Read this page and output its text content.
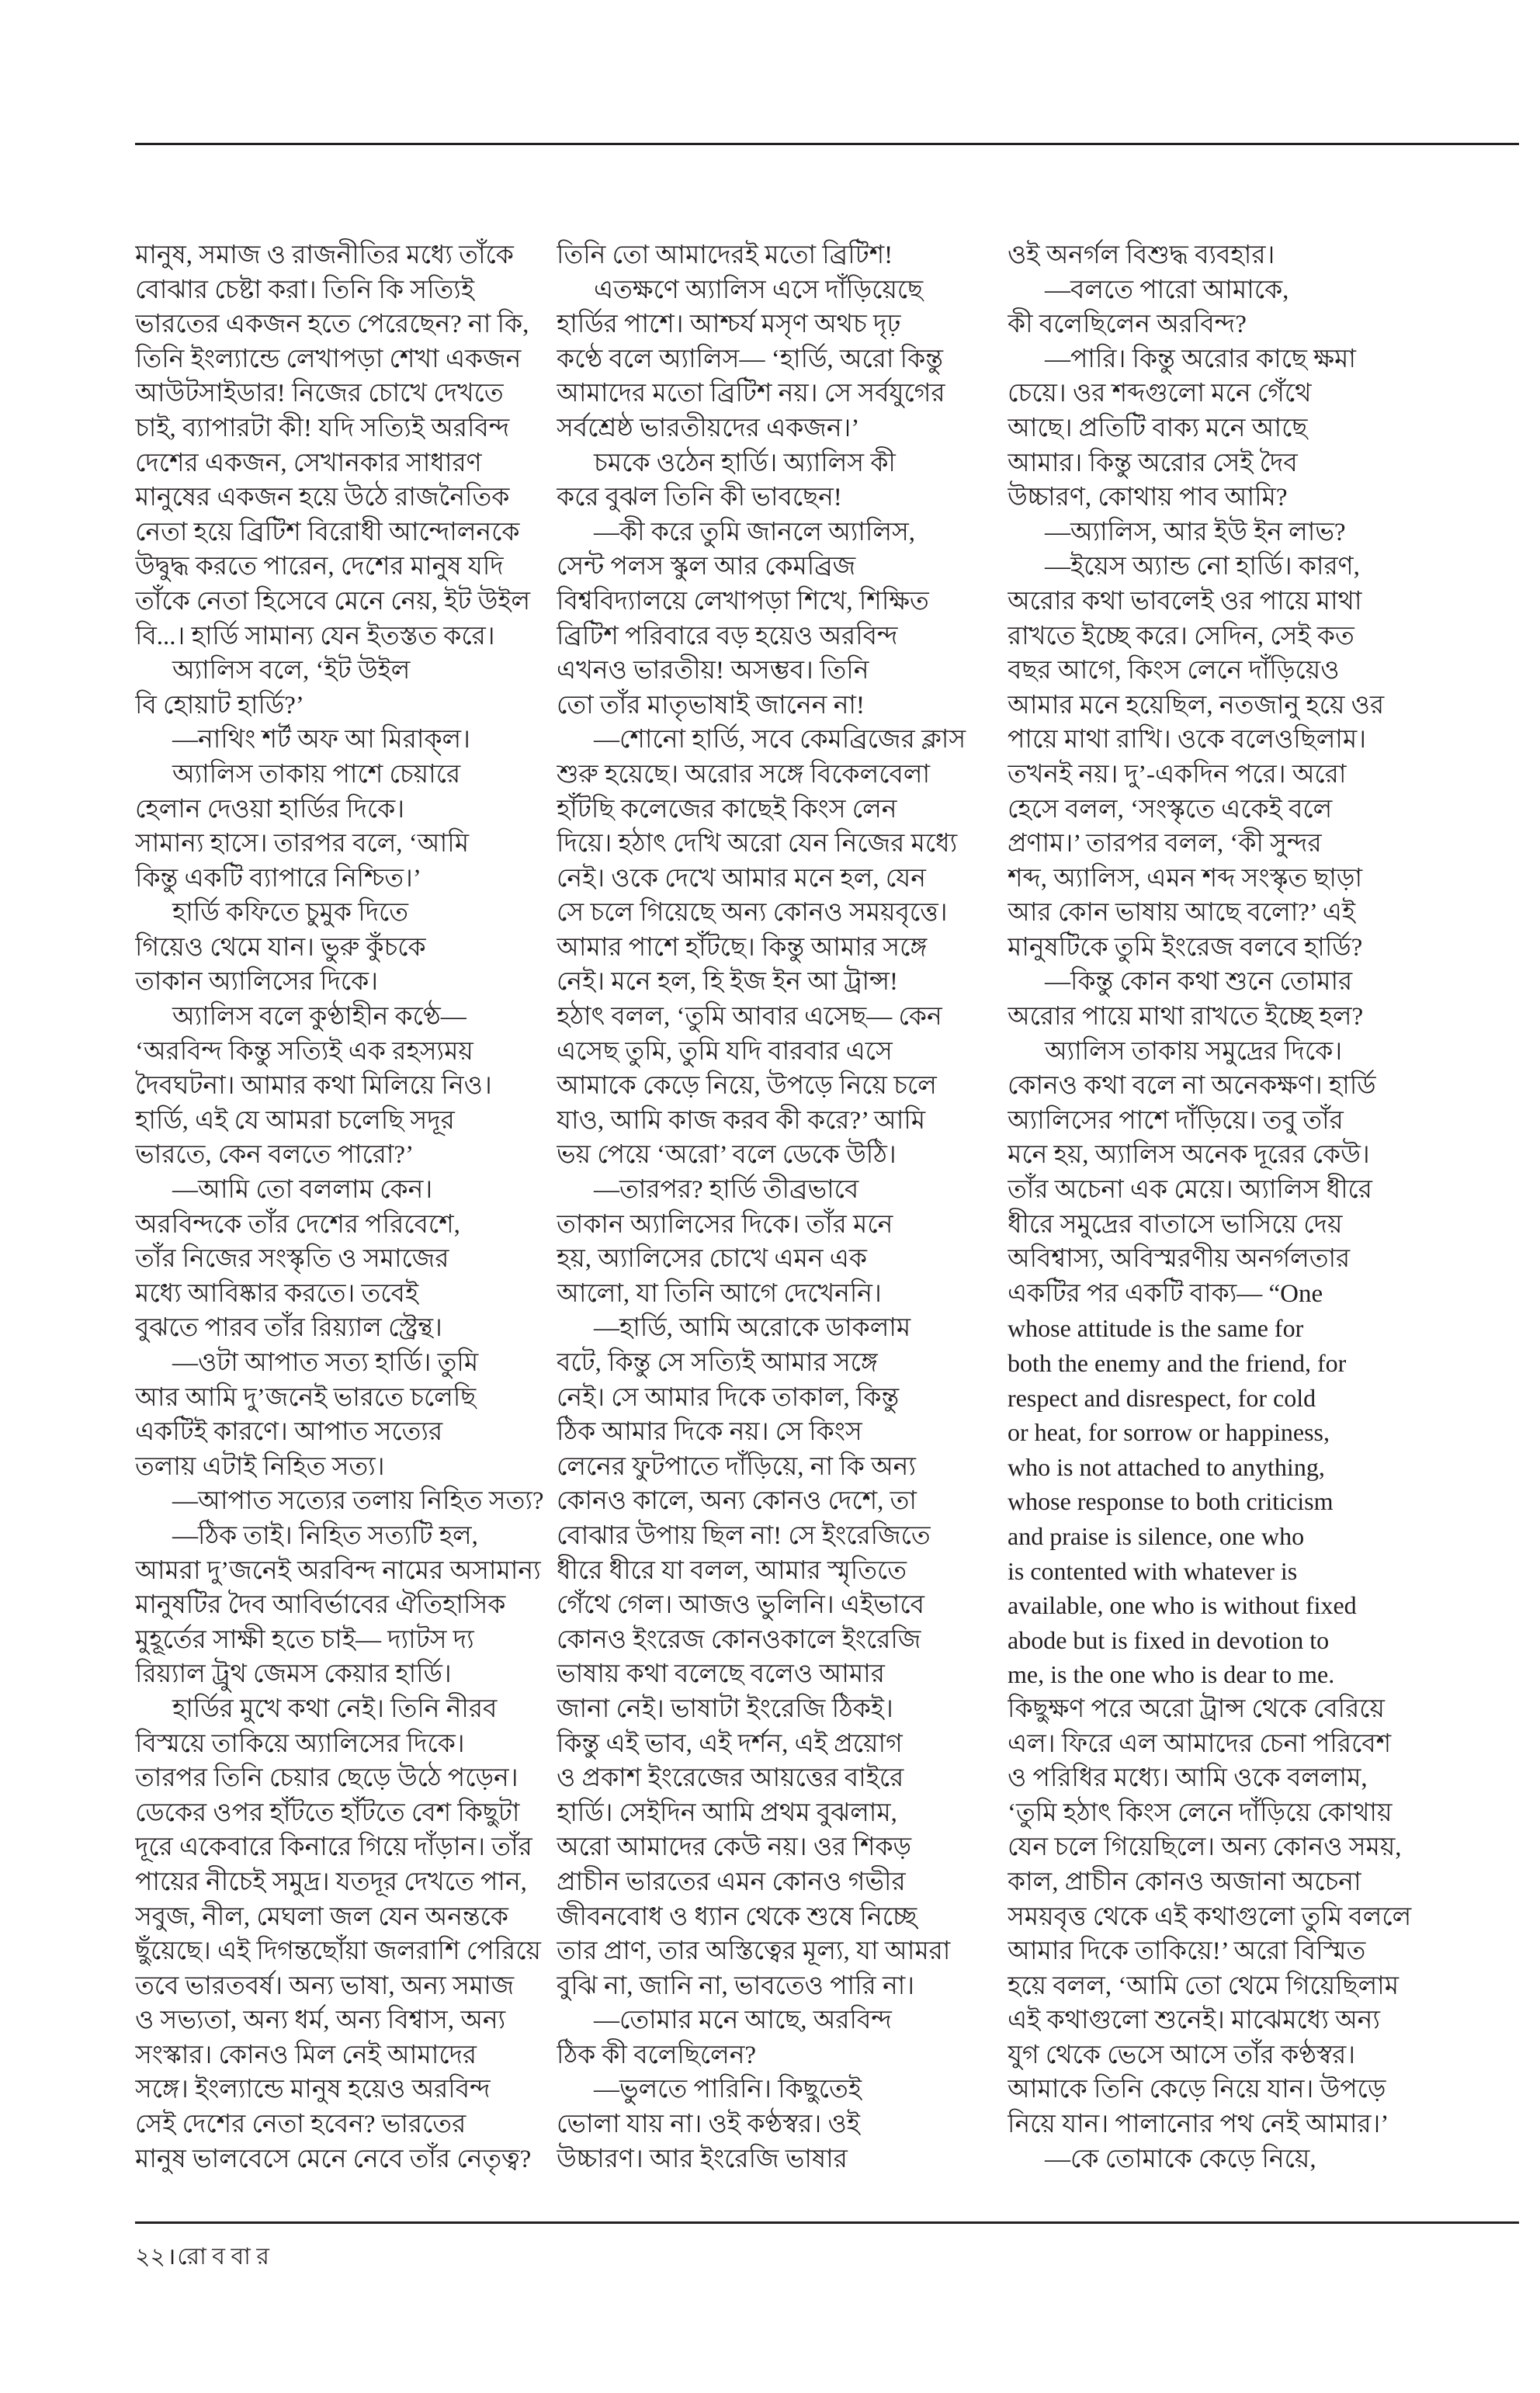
মানুষ, সমাজ ও রাজনীতির মধ্যে তাঁকে
বোঝার চেষ্টা করা। তিনি কি সত্যিই
ভারতের একজন হতে পেরেছেন? না কি,
তিনি ইংল্যান্ডে লেখাপড়া শেখা একজন
আউটসাইডার! নিজের চোখে দেখতে
চাই, ব্যাপারটা কী! যদি সত্যিই অরবিন্দ
দেশের একজন, সেখানকার সাধারণ
মানুষের একজন হয়ে উঠে রাজনৈতিক
নেতা হয়ে ব্রিটিশ বিরোধী আন্দোলনকে
উদ্বুদ্ধ করতে পারেন, দেশের মানুষ যদি
তাঁকে নেতা হিসেবে মেনে নেয়, ইট উইল
বি...। হার্ডি সামান্য যেন ইতস্তত করে।
অ্যালিস বলে, ‘ইট উইল
বি হোয়াট হার্ডি?’
—নাথিং শর্ট অফ আ মিরাক্‌ল।
অ্যালিস তাকায় পাশে চেয়ারে
হেলান দেওয়া হার্ডির দিকে।
সামান্য হাসে। তারপর বলে, ‘আমি
কিন্তু একটি ব্যাপারে নিশ্চিত।’
হার্ডি কফিতে চুমুক দিতে
গিয়েও থেমে যান। ভুরু কুঁচকে
তাকান অ্যালিসের দিকে।
অ্যালিস বলে কুণ্ঠাহীন কণ্ঠে—
‘অরবিন্দ কিন্তু সত্যিই এক রহস্যময়
দৈবঘটনা। আমার কথা মিলিয়ে নিও।
হার্ডি, এই যে আমরা চলেছি সদূর
ভারতে, কেন বলতে পারো?’
—আমি তো বললাম কেন।
অরবিন্দকে তাঁর দেশের পরিবেশে,
তাঁর নিজের সংস্কৃতি ও সমাজের
মধ্যে আবিষ্কার করতে। তবেই
বুঝতে পারব তাঁর রিয়্যাল স্ট্রেন্থ।
—ওটা আপাত সত্য হার্ডি। তুমি
আর আমি দু’জনেই ভারতে চলেছি
একটিই কারণে। আপাত সত্যের
তলায় এটাই নিহিত সত্য।
—আপাত সত্যের তলায় নিহিত সত্য?
—ঠিক তাই। নিহিত সত্যটি হল,
আমরা দু’জনেই অরবিন্দ নামের অসামান্য
মানুষটির দৈব আবির্ভাবের ঐতিহাসিক
মুহূর্তের সাক্ষী হতে চাই— দ্যাটস দ্য
রিয়্যাল ট্রুথ জেমস কেয়ার হার্ডি।
হার্ডির মুখে কথা নেই। তিনি নীরব
বিস্ময়ে তাকিয়ে অ্যালিসের দিকে।
তারপর তিনি চেয়ার ছেড়ে উঠে পড়েন।
ডেকের ওপর হাঁটতে হাঁটতে বেশ কিছুটা
দূরে একেবারে কিনারে গিয়ে দাঁড়ান। তাঁর
পায়ের নীচেই সমুদ্র। যতদূর দেখতে পান,
সবুজ, নীল, মেঘলা জল যেন অনন্তকে
ছুঁয়েছে। এই দিগন্তছোঁয়া জলরাশি পেরিয়ে
তবে ভারতবর্ষ। অন্য ভাষা, অন্য সমাজ
ও সভ্যতা, অন্য ধর্ম, অন্য বিশ্বাস, অন্য
সংস্কার। কোনও মিল নেই আমাদের
সঙ্গে। ইংল্যান্ডে মানুষ হয়েও অরবিন্দ
সেই দেশের নেতা হবেন? ভারতের
মানুষ ভালবেসে মেনে নেবে তাঁর নেতৃত্ব?
তিনি তো আমাদেরই মতো ব্রিটিশ!
এতক্ষণে অ্যালিস এসে দাঁড়িয়েছে
হার্ডির পাশে। আশ্চর্য মসৃণ অথচ দৃঢ়
কণ্ঠে বলে অ্যালিস— ‘হার্ডি, অরো কিন্তু
আমাদের মতো ব্রিটিশ নয়। সে সর্বযুগের
সর্বশ্রেষ্ঠ ভারতীয়দের একজন।’
চমকে ওঠেন হার্ডি। অ্যালিস কী
করে বুঝল তিনি কী ভাবছেন!
—কী করে তুমি জানলে অ্যালিস,
সেন্ট পলস স্কুল আর কেমব্রিজ
বিশ্ববিদ্যালয়ে লেখাপড়া শিখে, শিক্ষিত
ব্রিটিশ পরিবারে বড় হয়েও অরবিন্দ
এখনও ভারতীয়! অসম্ভব। তিনি
তো তাঁর মাতৃভাষাই জানেন না!
—শোনো হার্ডি, সবে কেমব্রিজের ক্লাস
শুরু হয়েছে। অরোর সঙ্গে বিকেলবেলা
হাঁটছি কলেজের কাছেই কিংস লেন
দিয়ে। হঠাৎ দেখি অরো যেন নিজের মধ্যে
নেই। ওকে দেখে আমার মনে হল, যেন
সে চলে গিয়েছে অন্য কোনও সময়বৃত্তে।
আমার পাশে হাঁটছে। কিন্তু আমার সঙ্গে
নেই। মনে হল, হি ইজ ইন আ ট্রান্স!
হঠাৎ বলল, ‘তুমি আবার এসেছ— কেন
এসেছ তুমি, তুমি যদি বারবার এসে
আমাকে কেড়ে নিয়ে, উপড়ে নিয়ে চলে
যাও, আমি কাজ করব কী করে?’ আমি
ভয় পেয়ে ‘অরো’ বলে ডেকে উঠি।
—তারপর? হার্ডি তীব্রভাবে
তাকান অ্যালিসের দিকে। তাঁর মনে
হয়, অ্যালিসের চোখে এমন এক
আলো, যা তিনি আগে দেখেননি।
—হার্ডি, আমি অরোকে ডাকলাম
বটে, কিন্তু সে সত্যিই আমার সঙ্গে
নেই। সে আমার দিকে তাকাল, কিন্তু
ঠিক আমার দিকে নয়। সে কিংস
লেনের ফুটপাতে দাঁড়িয়ে, না কি অন্য
কোনও কালে, অন্য কোনও দেশে, তা
বোঝার উপায় ছিল না! সে ইংরেজিতে
ধীরে ধীরে যা বলল, আমার স্মৃতিতে
গেঁথে গেল। আজও ভুলিনি। এইভাবে
কোনও ইংরেজ কোনওকালে ইংরেজি
ভাষায় কথা বলেছে বলেও আমার
জানা নেই। ভাষাটা ইংরেজি ঠিকই।
কিন্তু এই ভাব, এই দর্শন, এই প্রয়োগ
ও প্রকাশ ইংরেজের আয়ত্তের বাইরে
হার্ডি। সেইদিন আমি প্রথম বুঝলাম,
অরো আমাদের কেউ নয়। ওর শিকড়
প্রাচীন ভারতের এমন কোনও গভীর
জীবনবোধ ও ধ্যান থেকে শুষে নিচ্ছে
তার প্রাণ, তার অস্তিত্বের মূল্য, যা আমরা
বুঝি না, জানি না, ভাবতেও পারি না।
—তোমার মনে আছে, অরবিন্দ
ঠিক কী বলেছিলেন?
—ভুলতে পারিনি। কিছুতেই
ভোলা যায় না। ওই কণ্ঠস্বর। ওই
উচ্চারণ। আর ইংরেজি ভাষার
ওই অনর্গল বিশুদ্ধ ব্যবহার।
—বলতে পারো আমাকে,
কী বলেছিলেন অরবিন্দ?
—পারি। কিন্তু অরোর কাছে ক্ষমা
চেয়ে। ওর শব্দগুলো মনে গেঁথে
আছে। প্রতিটি বাক্য মনে আছে
আমার। কিন্তু অরোর সেই দৈব
উচ্চারণ, কোথায় পাব আমি?
—অ্যালিস, আর ইউ ইন লাভ?
—ইয়েস অ্যান্ড নো হার্ডি। কারণ,
অরোর কথা ভাবলেই ওর পায়ে মাথা
রাখতে ইচ্ছে করে। সেদিন, সেই কত
বছর আগে, কিংস লেনে দাঁড়িয়েও
আমার মনে হয়েছিল, নতজানু হয়ে ওর
পায়ে মাথা রাখি। ওকে বলেওছিলাম।
তখনই নয়। দু’-একদিন পরে। অরো
হেসে বলল, ‘সংস্কৃতে একেই বলে
প্রণাম।’ তারপর বলল, ‘কী সুন্দর
শব্দ, অ্যালিস, এমন শব্দ সংস্কৃত ছাড়া
আর কোন ভাষায় আছে বলো?’ এই
মানুষটিকে তুমি ইংরেজ বলবে হার্ডি?
—কিন্তু কোন কথা শুনে তোমার
অরোর পায়ে মাথা রাখতে ইচ্ছে হল?
অ্যালিস তাকায় সমুদ্রের দিকে।
কোনও কথা বলে না অনেকক্ষণ। হার্ডি
অ্যালিসের পাশে দাঁড়িয়ে। তবু তাঁর
মনে হয়, অ্যালিস অনেক দূরের কেউ।
তাঁর অচেনা এক মেয়ে। অ্যালিস ধীরে
ধীরে সমুদ্রের বাতাসে ভাসিয়ে দেয়
অবিশ্বাস্য, অবিস্মরণীয় অনর্গলতার
একটির পর একটি বাক্য— “One
whose attitude is the same for
both the enemy and the friend, for
respect and disrespect, for cold
or heat, for sorrow or happiness,
who is not attached to anything,
whose response to both criticism
and praise is silence, one who
is contented with whatever is
available, one who is without fixed
abode but is fixed in devotion to
me, is the one who is dear to me.
কিছুক্ষণ পরে অরো ট্রান্স থেকে বেরিয়ে
এল। ফিরে এল আমাদের চেনা পরিবেশ
ও পরিধির মধ্যে। আমি ওকে বললাম,
‘তুমি হঠাৎ কিংস লেনে দাঁড়িয়ে কোথায়
যেন চলে গিয়েছিলে। অন্য কোনও সময়,
কাল, প্রাচীন কোনও অজানা অচেনা
সময়বৃত্ত থেকে এই কথাগুলো তুমি বললে
আমার দিকে তাকিয়ে!’ অরো বিস্মিত
হয়ে বলল, ‘আমি তো থেমে গিয়েছিলাম
এই কথাগুলো শুনেই। মাঝেমধ্যে অন্য
যুগ থেকে ভেসে আসে তাঁর কণ্ঠস্বর।
আমাকে তিনি কেড়ে নিয়ে যান। উপড়ে
নিয়ে যান। পালানোর পথ নেই আমার।’
—কে তোমাকে কেড়ে নিয়ে,
২২।রো ব বা র
